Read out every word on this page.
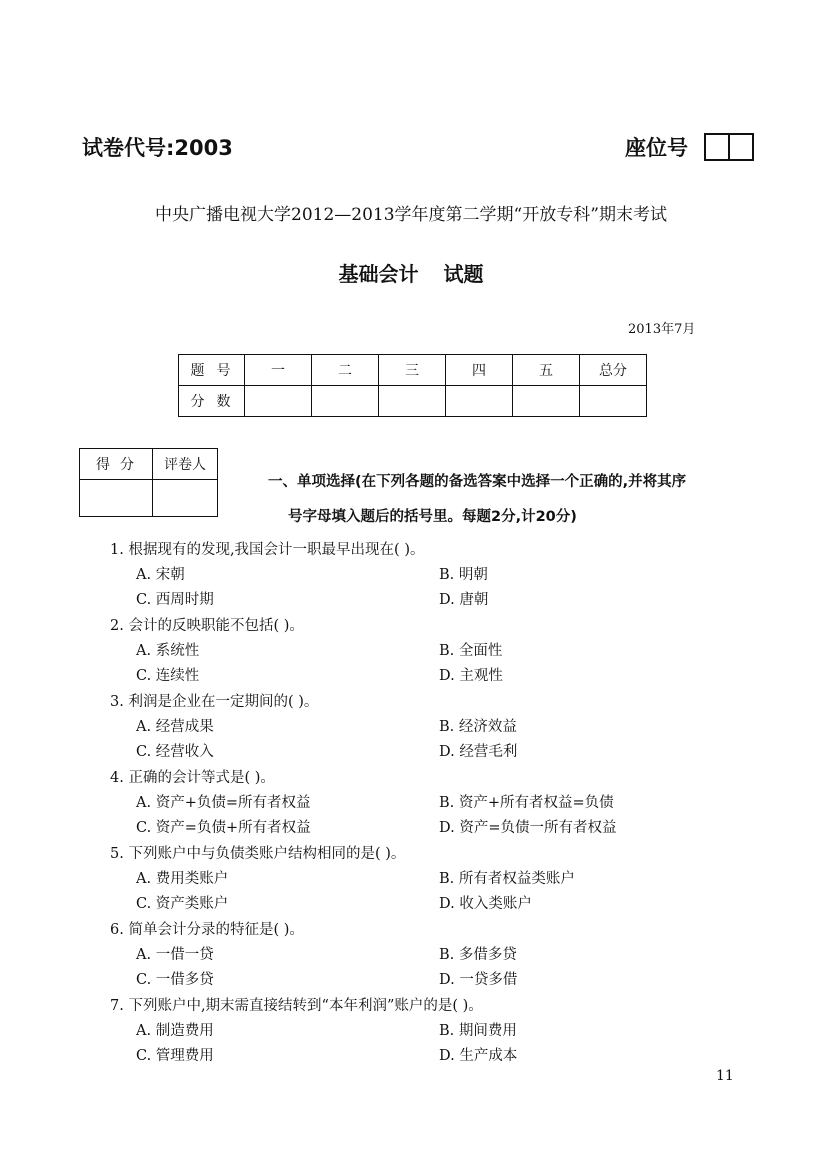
试卷代号:2003	座位号
中央广播电视大学2012—2013学年度第二学期“开放专科”期末考试
基础会计 试题
2013年7月
题号	一	二	三	四	五	总分
分数						
得分	评卷人

一、单项选择(在下列各题的备选答案中选择一个正确的,并将其序
号字母填入题后的括号里。每题2分,计20分)
1. 根据现有的发现,我国会计一职最早出现在( )。
A. 宋朝	B. 明朝
C. 西周时期	D. 唐朝
2. 会计的反映职能不包括( )。
A. 系统性	B. 全面性
C. 连续性	D. 主观性
3. 利润是企业在一定期间的( )。
A. 经营成果	B. 经济效益
C. 经营收入	D. 经营毛利
4. 正确的会计等式是( )。
A. 资产+负债=所有者权益	B. 资产+所有者权益=负债
C. 资产=负债+所有者权益	D. 资产=负债一所有者权益
5. 下列账户中与负债类账户结构相同的是( )。
A. 费用类账户	B. 所有者权益类账户
C. 资产类账户	D. 收入类账户
6. 简单会计分录的特征是( )。
A. 一借一贷	B. 多借多贷
C. 一借多贷	D. 一贷多借
7. 下列账户中,期末需直接结转到“本年利润”账户的是( )。
A. 制造费用	B. 期间费用
C. 管理费用	D. 生产成本
11
